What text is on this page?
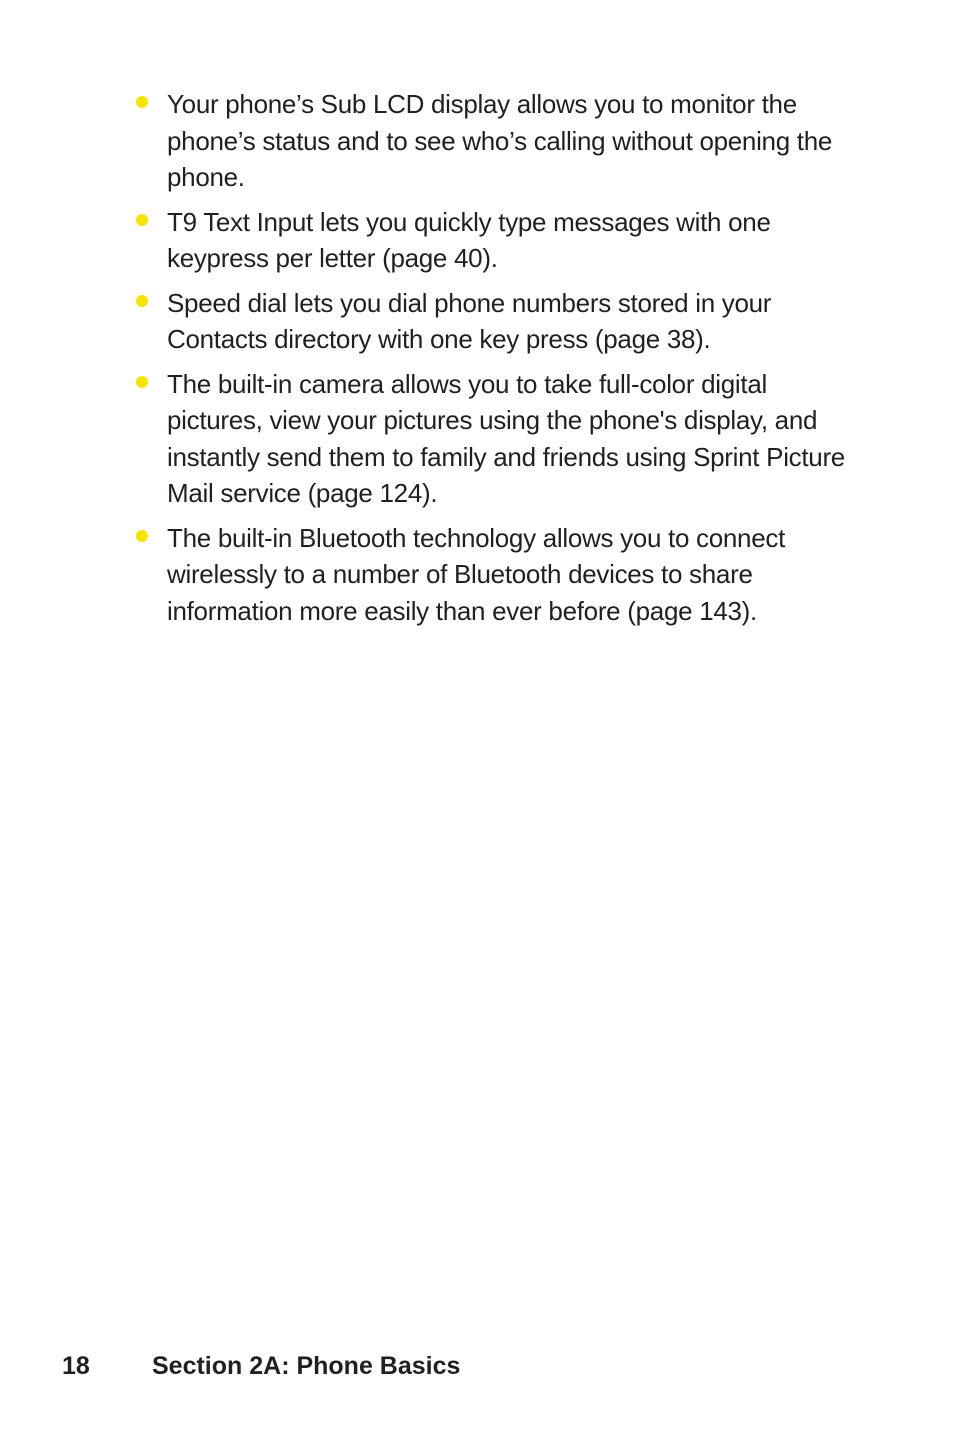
Your phone’s Sub LCD display allows you to monitor the phone’s status and to see who’s calling without opening the phone.
T9 Text Input lets you quickly type messages with one keypress per letter (page 40).
Speed dial lets you dial phone numbers stored in your Contacts directory with one key press (page 38).
The built-in camera allows you to take full-color digital pictures, view your pictures using the phone's display, and instantly send them to family and friends using Sprint Picture Mail service (page 124).
The built-in Bluetooth technology allows you to connect wirelessly to a number of Bluetooth devices to share information more easily than ever before (page 143).
18 Section 2A: Phone Basics
